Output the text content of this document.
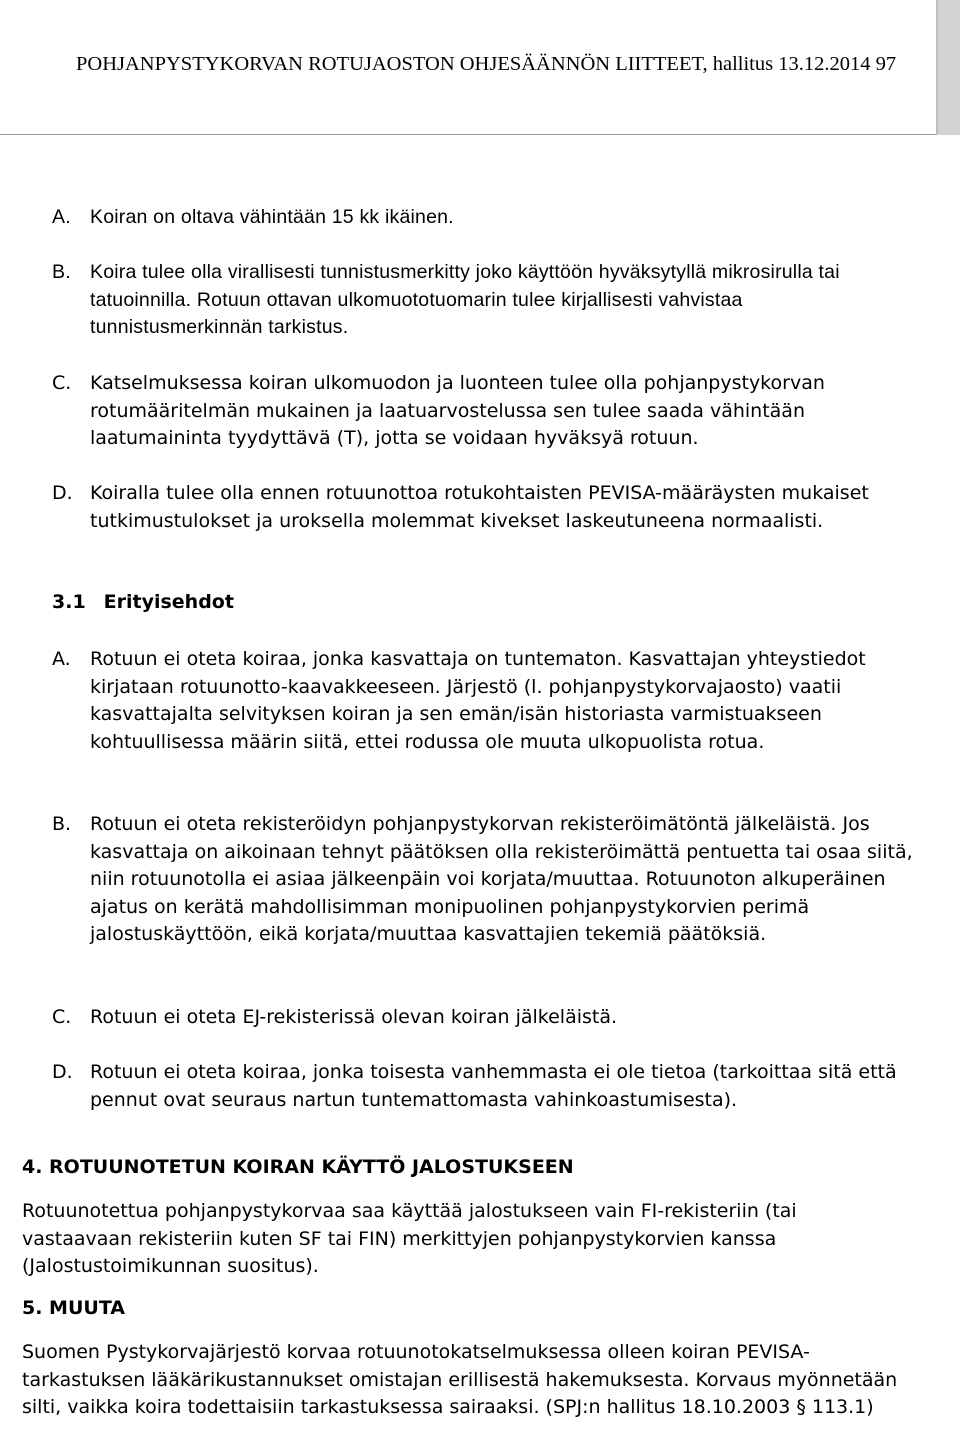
POHJANPYSTYKORVAN ROTUJAOSTON OHJESÄÄNNÖN LIITTEET, hallitus 13.12.2014 97
A. Koiran on oltava vähintään 15 kk ikäinen.
B. Koira tulee olla virallisesti tunnistusmerkitty joko käyttöön hyväksytyllä mikrosirulla tai tatuoinnilla. Rotuun ottavan ulkomuototuomarin tulee kirjallisesti vahvistaa tunnistusmerkinnän tarkistus.
C. Katselmuksessa koiran ulkomuodon ja luonteen tulee olla pohjanpystykorvan rotumääritelmän mukainen ja laatuarvostelussa sen tulee saada vähintään laatumaininta tyydyttävä (T), jotta se voidaan hyväksyä rotuun.
D. Koiralla tulee olla ennen rotuunottoa rotukohtaisten PEVISA-määräysten mukaiset tutkimustulokset ja uroksella molemmat kivekset laskeutuneena normaalisti.
3.1 Erityisehdot
A.	Rotuun ei oteta koiraa, jonka kasvattaja on tuntematon. Kasvattajan yhteystiedot kirjataan rotuunotto-kaavakkeeseen. Järjestö (l. pohjanpystykorvajaosto) vaatii kasvattajalta selvityksen koiran ja sen emän/isän historiasta varmistuakseen kohtuullisessa määrin siitä, ettei rodussa ole muuta ulkopuolista rotua.
B. Rotuun ei oteta rekisteröidyn pohjanpystykorvan rekisteröimätöntä jälkeläistä. Jos kasvattaja on aikoinaan tehnyt päätöksen olla rekisteröimättä pentuetta tai osaa siitä, niin rotuunotolla ei asiaa jälkeenpäin voi korjata/muuttaa. Rotuunoton alkuperäinen ajatus on kerätä mahdollisimman monipuolinen pohjanpystykorvien perimä jalostuskäyttöön, eikä korjata/muuttaa kasvattajien tekemiä päätöksiä.
C. Rotuun ei oteta EJ-rekisterissä olevan koiran jälkeläistä.
D. Rotuun ei oteta koiraa, jonka toisesta vanhemmasta ei ole tietoa (tarkoittaa sitä että pennut ovat seuraus nartun tuntemattomasta vahinkoastumisesta).
4. ROTUUNOTETUN KOIRAN KÄYTTÖ JALOSTUKSEEN
Rotuunotettua pohjanpystykorvaa saa käyttää jalostukseen vain FI-rekisteriin (tai vastaavaan rekisteriin kuten SF tai FIN) merkittyjen pohjanpystykorvien kanssa (Jalostustoimikunnan suositus).
5. MUUTA
Suomen Pystykorvajärjestö korvaa rotuunotokatselmuksessa olleen koiran PEVISA-tarkastuksen lääkärikustannukset omistajan erillisestä hakemuksesta. Korvaus myönnetään silti, vaikka koira todettaisiin tarkastuksessa sairaaksi. (SPJ:n hallitus 18.10.2003 § 113.1)
